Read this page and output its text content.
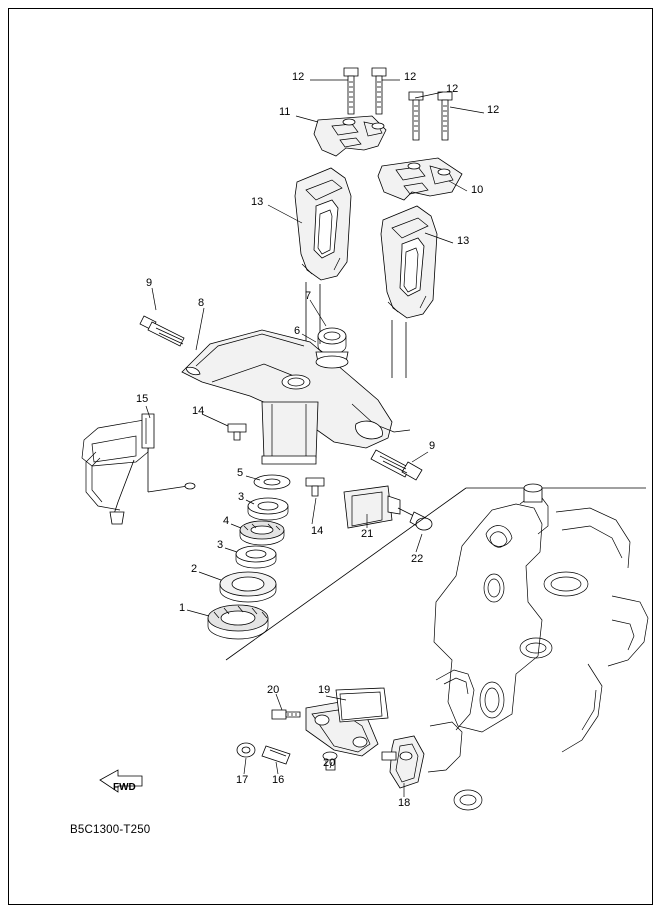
12	12
12
12
11
10
13
13
9
8
7
6
15
14
9
5
14
3
4
3
2
1
21
22
20	19
17 16
20
18
FWD
B5C1300-T250
